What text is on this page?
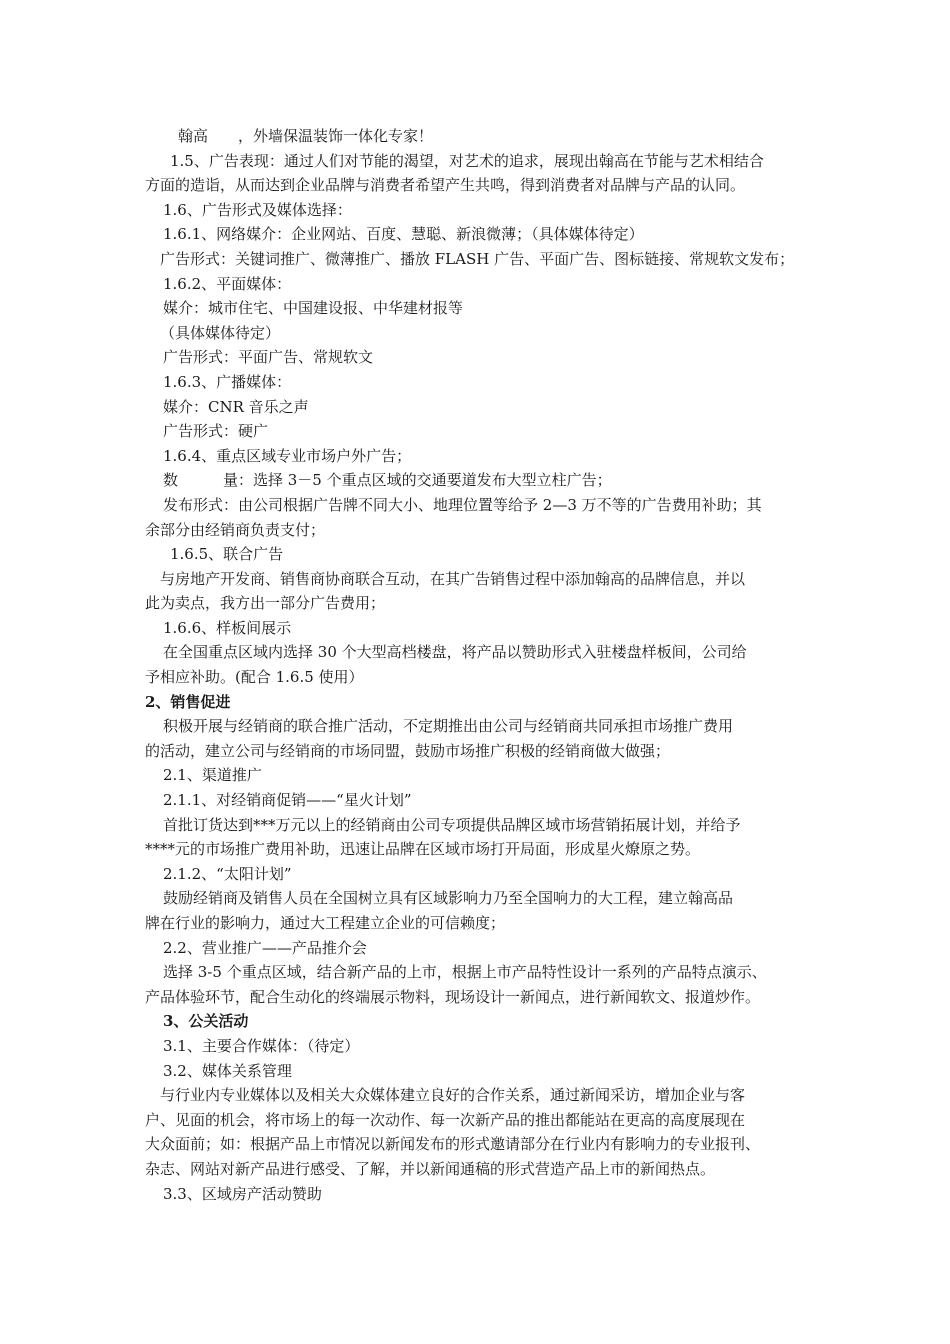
翰高　　，外墙保温装饰一体化专家！
1.5、广告表现：通过人们对节能的渴望，对艺术的追求，展现出翰高在节能与艺术相结合
方面的造诣，从而达到企业品牌与消费者希望产生共鸣，得到消费者对品牌与产品的认同。
1.6、广告形式及媒体选择：
1.6.1、网络媒介：企业网站、百度、慧聪、新浪微薄；（具体媒体待定）
广告形式：关键词推广、微薄推广、播放 FLASH 广告、平面广告、图标链接、常规软文发布；
1.6.2、平面媒体：
媒介：城市住宅、中国建设报、中华建材报等
（具体媒体待定）
广告形式：平面广告、常规软文
1.6.3、广播媒体：
媒介：CNR 音乐之声
广告形式：硬广
1.6.4、重点区域专业市场户外广告；
数　　　量：选择 3－5 个重点区域的交通要道发布大型立柱广告；
发布形式：由公司根据广告牌不同大小、地理位置等给予 2—3 万不等的广告费用补助；其
余部分由经销商负责支付；
1.6.5、联合广告
与房地产开发商、销售商协商联合互动，在其广告销售过程中添加翰高的品牌信息，并以
此为卖点，我方出一部分广告费用；
1.6.6、样板间展示
在全国重点区域内选择 30 个大型高档楼盘，将产品以赞助形式入驻楼盘样板间，公司给
予相应补助。(配合 1.6.5 使用）
2、销售促进
积极开展与经销商的联合推广活动，不定期推出由公司与经销商共同承担市场推广费用
的活动，建立公司与经销商的市场同盟，鼓励市场推广积极的经销商做大做强；
2.1、渠道推广
2.1.1、对经销商促销——“星火计划”
首批订货达到***万元以上的经销商由公司专项提供品牌区域市场营销拓展计划，并给予
****元的市场推广费用补助，迅速让品牌在区域市场打开局面，形成星火燎原之势。
2.1.2、“太阳计划”
鼓励经销商及销售人员在全国树立具有区域影响力乃至全国响力的大工程，建立翰高品
牌在行业的影响力，通过大工程建立企业的可信赖度；
2.2、营业推广——产品推介会
选择 3-5 个重点区域，结合新产品的上市，根据上市产品特性设计一系列的产品特点演示、
产品体验环节，配合生动化的终端展示物料，现场设计一新闻点，进行新闻软文、报道炒作。
3、公关活动
3.1、主要合作媒体：（待定）
3.2、媒体关系管理
与行业内专业媒体以及相关大众媒体建立良好的合作关系，通过新闻采访，增加企业与客
户、见面的机会，将市场上的每一次动作、每一次新产品的推出都能站在更高的高度展现在
大众面前；如：根据产品上市情况以新闻发布的形式邀请部分在行业内有影响力的专业报刊、
杂志、网站对新产品进行感受、了解，并以新闻通稿的形式营造产品上市的新闻热点。
3.3、区域房产活动赞助
